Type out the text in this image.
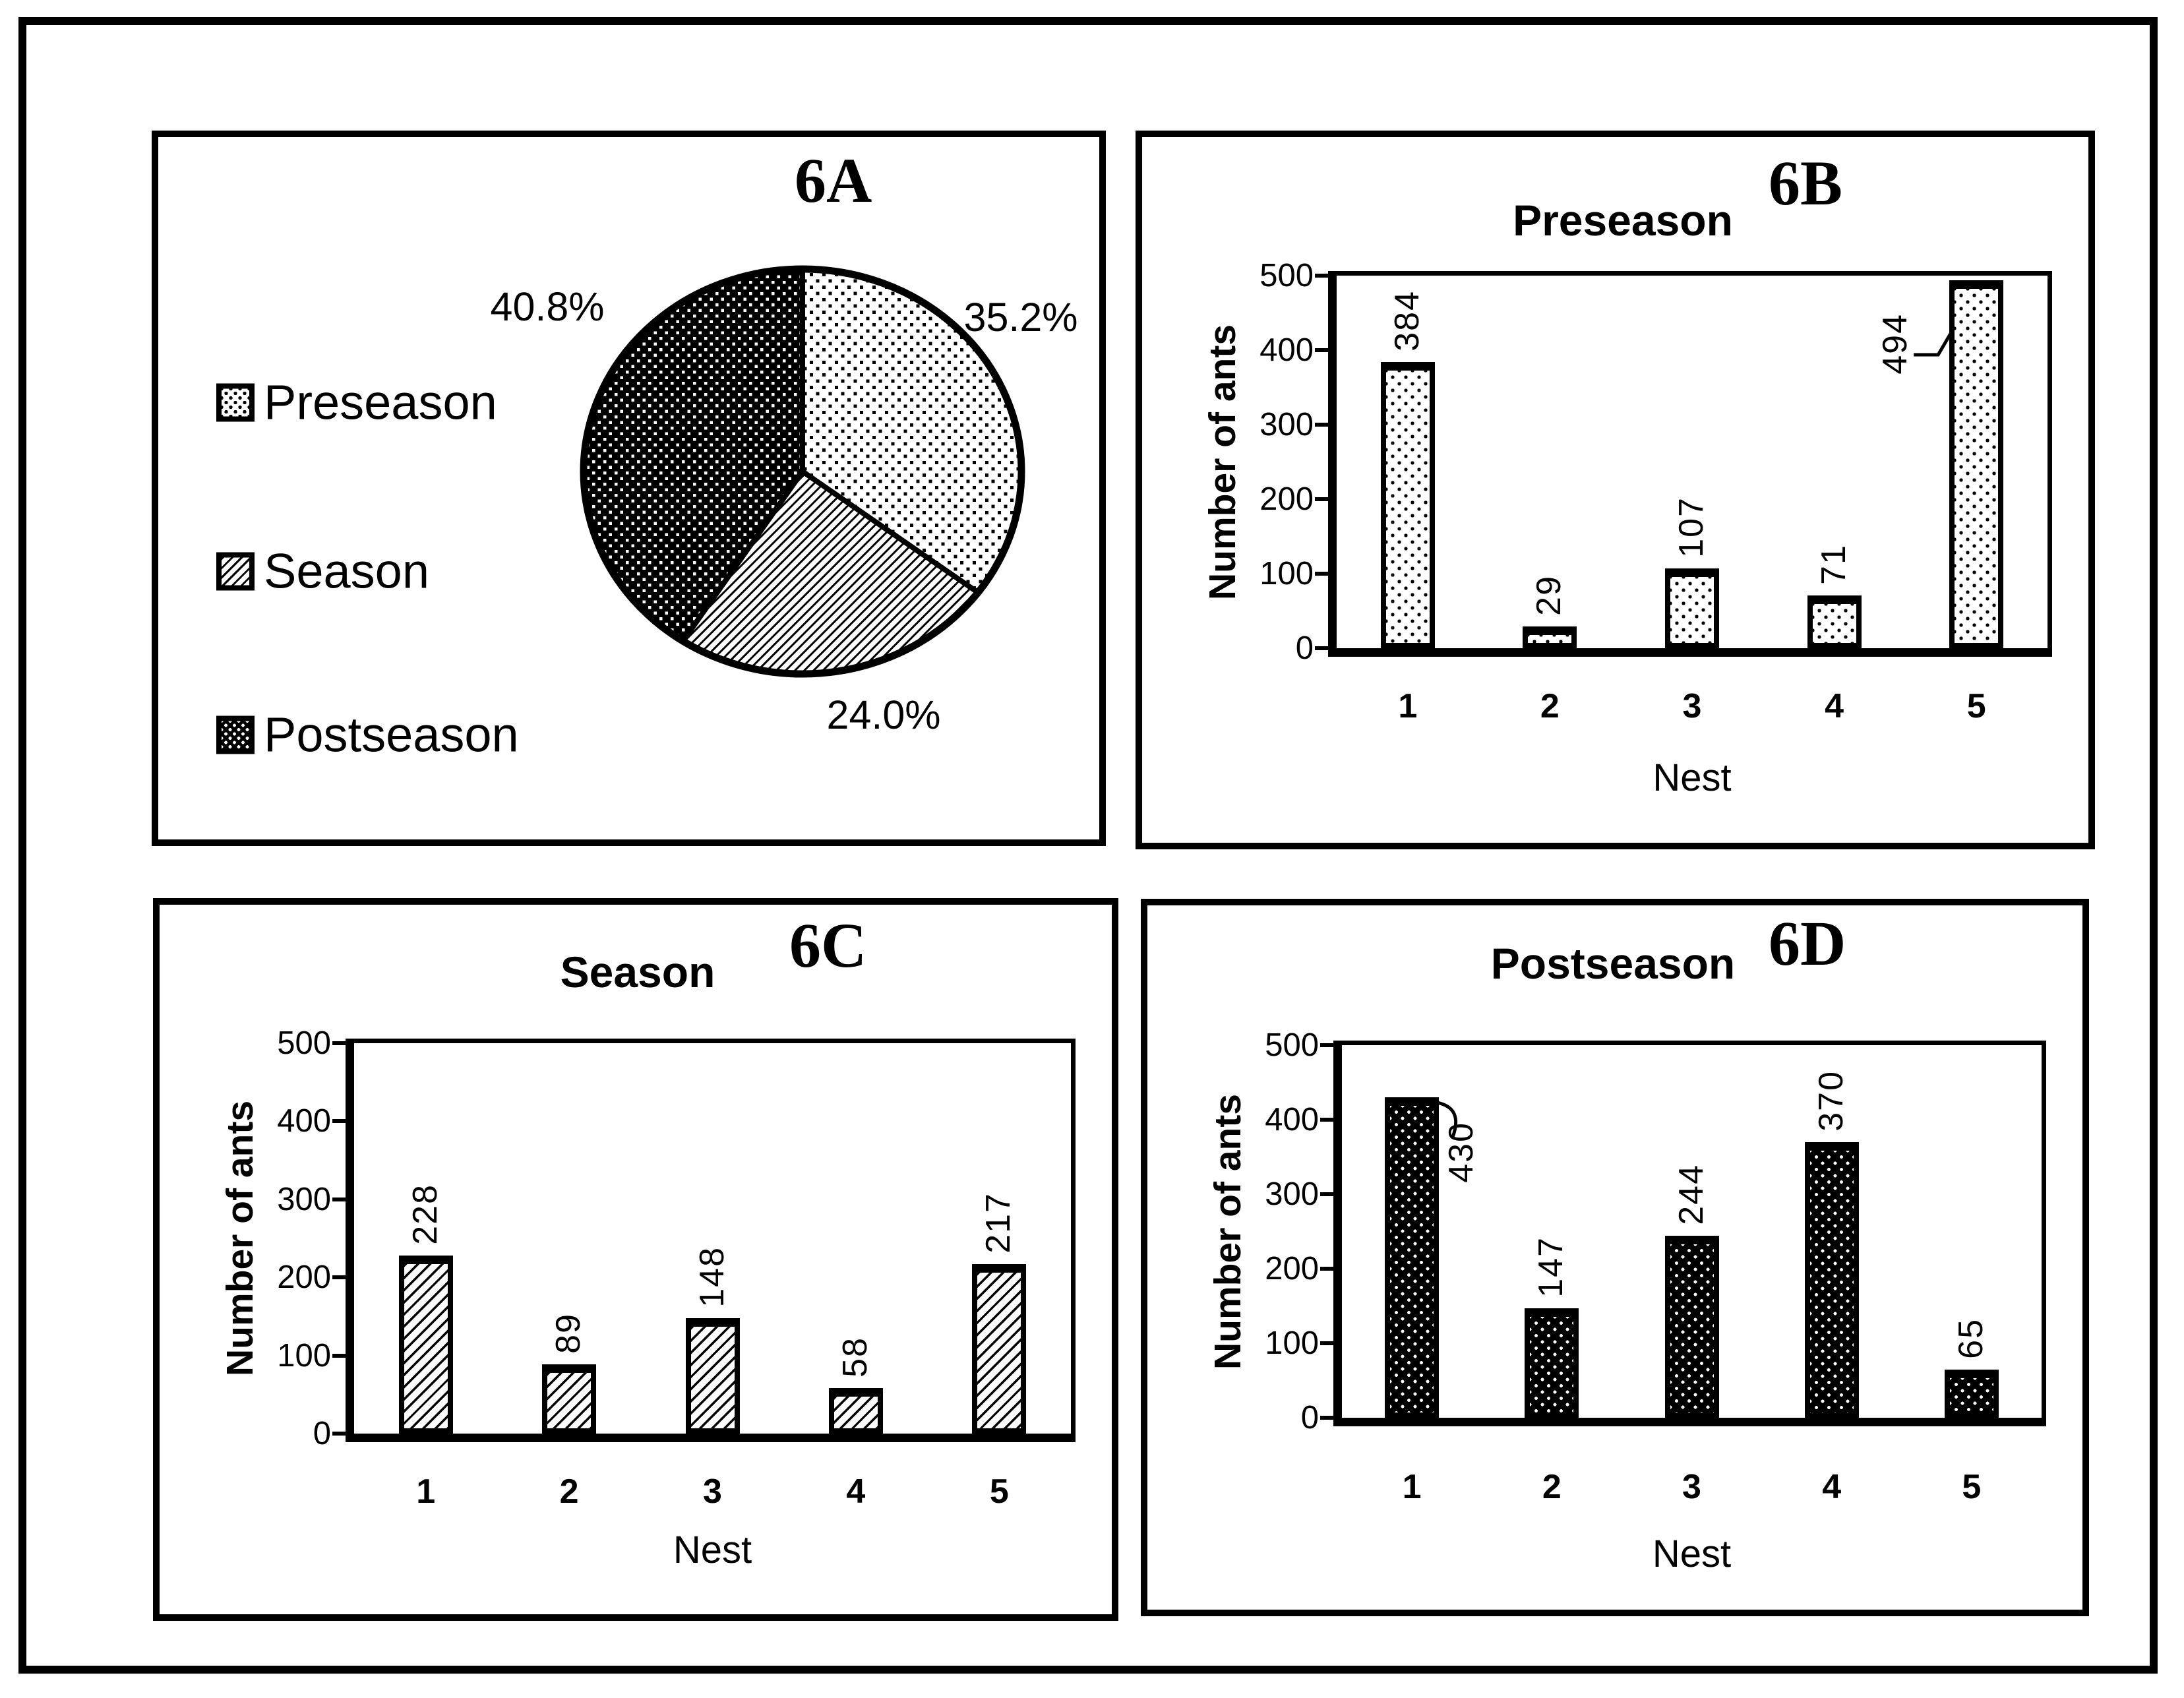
6A
Preseason
Season
Postseason
35.2%
24.0%
40.8%
6B
Preseason
Number of ants
0
100
200
300
400
500
384
29
107
71
494
1	2	3	4	5
Nest
6C
Season
Number of ants
0
100
200
300
400
500
228
89
148
58
217
1	2	3	4	5
Nest
6D
Postseason
Number of ants
0
100
200
300
400
500
430
147
244
370
65
1	2	3	4	5
Nest
